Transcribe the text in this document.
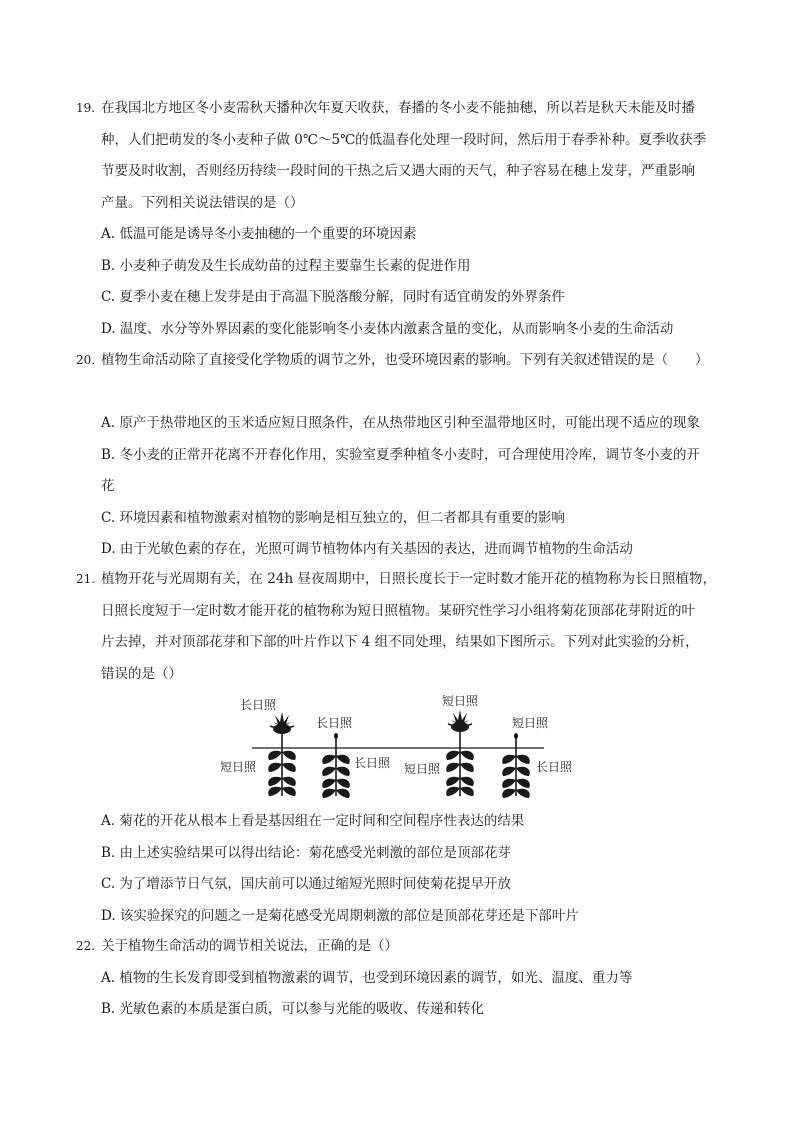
19. 在我国北方地区冬小麦需秋天播种次年夏天收获，春播的冬小麦不能抽穗，所以若是秋天未能及时播
种，人们把萌发的冬小麦种子做 0℃～5℃的低温春化处理一段时间，然后用于春季补种。夏季收获季
节要及时收割，否则经历持续一段时间的干热之后又遇大雨的天气，种子容易在穗上发芽，严重影响
产量。下列相关说法错误的是（）
A. 低温可能是诱导冬小麦抽穗的一个重要的环境因素
B. 小麦种子萌发及生长成幼苗的过程主要靠生长素的促进作用
C. 夏季小麦在穗上发芽是由于高温下脱落酸分解，同时有适宜萌发的外界条件
D. 温度、水分等外界因素的变化能影响冬小麦体内激素含量的变化，从而影响冬小麦的生命活动
20. 植物生命活动除了直接受化学物质的调节之外，也受环境因素的影响。下列有关叙述错误的是（　　）
A. 原产于热带地区的玉米适应短日照条件，在从热带地区引种至温带地区时，可能出现不适应的现象
B. 冬小麦的正常开花离不开春化作用，实验室夏季种植冬小麦时，可合理使用冷库，调节冬小麦的开
花
C. 环境因素和植物激素对植物的影响是相互独立的，但二者都具有重要的影响
D. 由于光敏色素的存在，光照可调节植物体内有关基因的表达，进而调节植物的生命活动
21. 植物开花与光周期有关，在 24h 昼夜周期中，日照长度长于一定时数才能开花的植物称为长日照植物，
日照长度短于一定时数才能开花的植物称为短日照植物。某研究性学习小组将菊花顶部花芽附近的叶
片去掉，并对顶部花芽和下部的叶片作以下 4 组不同处理，结果如下图所示。下列对此实验的分析，
错误的是（）
长日照
短日照
长日照
长日照
短日照
短日照
短日照
长日照
A. 菊花的开花从根本上看是基因组在一定时间和空间程序性表达的结果
B. 由上述实验结果可以得出结论：菊花感受光刺激的部位是顶部花芽
C. 为了增添节日气氛，国庆前可以通过缩短光照时间使菊花提早开放
D. 该实验探究的问题之一是菊花感受光周期刺激的部位是顶部花芽还是下部叶片
22. 关于植物生命活动的调节相关说法，正确的是（）
A. 植物的生长发育即受到植物激素的调节，也受到环境因素的调节，如光、温度、重力等
B. 光敏色素的本质是蛋白质，可以参与光能的吸收、传递和转化
